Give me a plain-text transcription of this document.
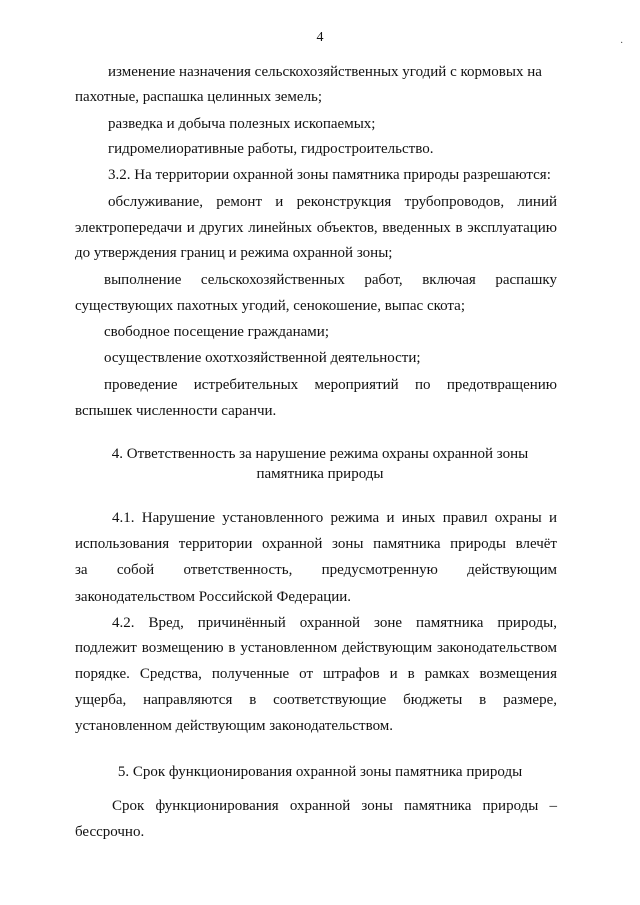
4	·
изменение назначения сельскохозяйственных угодий с кормовых на
пахотные, распашка целинных земель;
разведка и добыча полезных ископаемых;
гидромелиоративные работы, гидростроительство.
3.2. На территории охранной зоны памятника природы разрешаются:
обслуживание, ремонт и реконструкция трубопроводов, линий
электропередачи и других линейных объектов, введенных в эксплуатацию
до утверждения границ и режима охранной зоны;
выполнение сельскохозяйственных работ, включая распашку
существующих пахотных угодий, сенокошение, выпас скота;
свободное посещение гражданами;
осуществление охотхозяйственной деятельности;
проведение истребительных мероприятий по предотвращению
вспышек численности саранчи.
4. Ответственность за нарушение режима охраны охранной зоны
памятника природы
4.1. Нарушение установленного режима и иных правил охраны и
использования территории охранной зоны памятника природы влечёт
за собой ответственность, предусмотренную действующим
законодательством Российской Федерации.
4.2. Вред, причинённый охранной зоне памятника природы,
подлежит возмещению в установленном действующим законодательством
порядке. Средства, полученные от штрафов и в рамках возмещения
ущерба, направляются в соответствующие бюджеты в размере,
установленном действующим законодательством.
5. Срок функционирования охранной зоны памятника природы
Срок функционирования охранной зоны памятника природы –
бессрочно.
